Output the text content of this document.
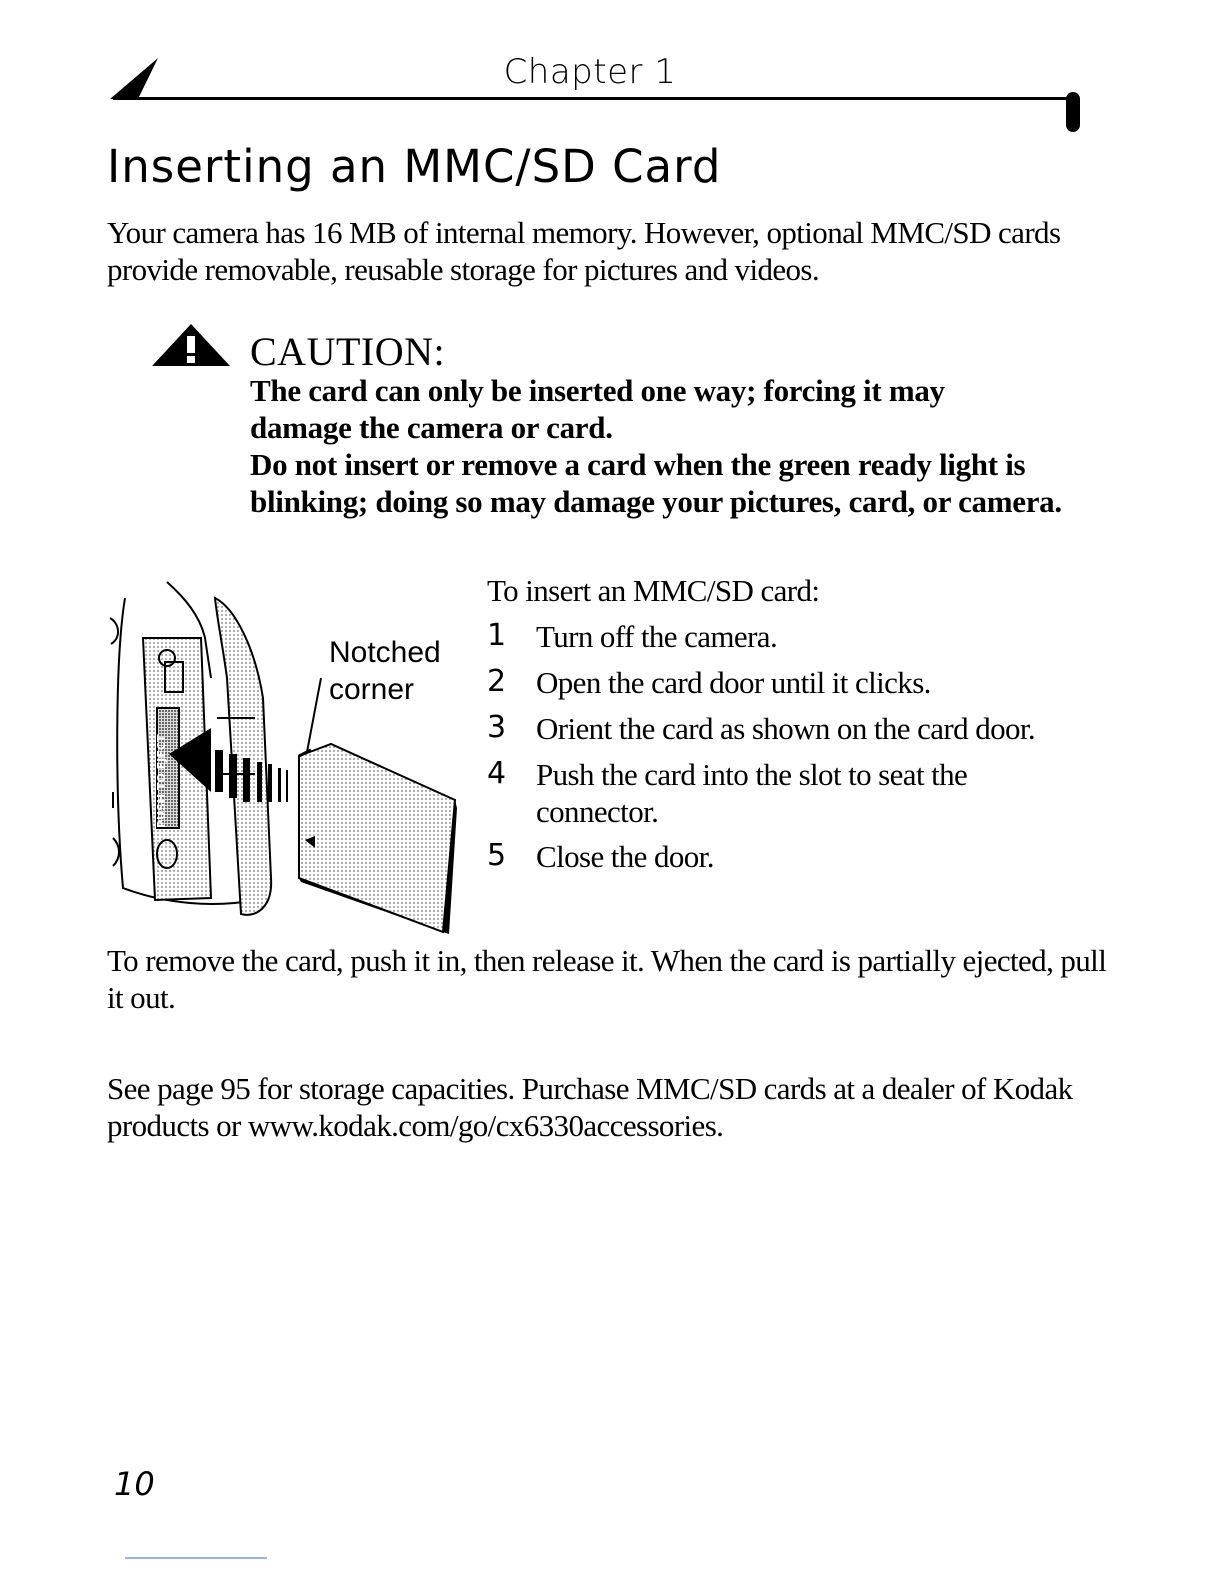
Chapter 1
Inserting an MMC/SD Card

Your camera has 16 MB of internal memory. However, optional MMC/SD cards provide removable, reusable storage for pictures and videos.

CAUTION:

The card can only be inserted one way; forcing it may damage the camera or card.

Do not insert or remove a card when the green ready light is blinking; doing so may damage your pictures, card, or camera.

PUSH TO EJECT
Notched
corner
To insert an MMC/SD card:
1 Turn off the camera.
2 Open the card door until it clicks.
3 Orient the card as shown on the card door.
4 Push the card into the slot to seat the connector.
5 Close the door.

To remove the card, push it in, then release it. When the card is partially ejected, pull it out.

See page 95 for storage capacities. Purchase MMC/SD cards at a dealer of Kodak products or www.kodak.com/go/cx6330accessories.

10
